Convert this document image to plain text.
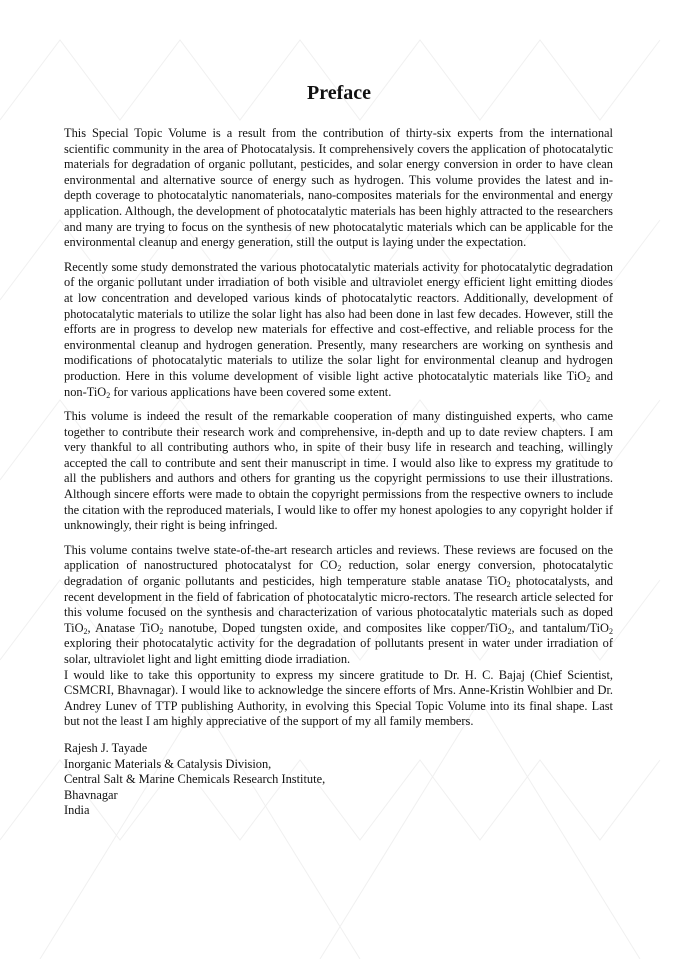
Preface

This Special Topic Volume is a result from the contribution of thirty-six experts from the international scientific community in the area of Photocatalysis. It comprehensively covers the application of photocatalytic materials for degradation of organic pollutant, pesticides, and solar energy conversion in order to have clean environmental and alternative source of energy such as hydrogen. This volume provides the latest and in-depth coverage to photocatalytic nanomaterials, nano-composites materials for the environmental and energy application. Although, the development of photocatalytic materials has been highly attracted to the researchers and many are trying to focus on the synthesis of new photocatalytic materials which can be applicable for the environmental cleanup and energy generation, still the output is laying under the expectation.

Recently some study demonstrated the various photocatalytic materials activity for photocatalytic degradation of the organic pollutant under irradiation of both visible and ultraviolet energy efficient light emitting diodes at low concentration and developed various kinds of photocatalytic reactors. Additionally, development of photocatalytic materials to utilize the solar light has also had been done in last few decades. However, still the efforts are in progress to develop new materials for effective and cost-effective, and reliable process for the environmental cleanup and hydrogen generation. Presently, many researchers are working on synthesis and modifications of photocatalytic materials to utilize the solar light for environmental cleanup and hydrogen production. Here in this volume development of visible light active photocatalytic materials like TiO$_2$ and non-TiO$_2$ for various applications have been covered some extent.

This volume is indeed the result of the remarkable cooperation of many distinguished experts, who came together to contribute their research work and comprehensive, in-depth and up to date review chapters. I am very thankful to all contributing authors who, in spite of their busy life in research and teaching, willingly accepted the call to contribute and sent their manuscript in time. I would also like to express my gratitude to all the publishers and authors and others for granting us the copyright permissions to use their illustrations. Although sincere efforts were made to obtain the copyright permissions from the respective owners to include the citation with the reproduced materials, I would like to offer my honest apologies to any copyright holder if unknowingly, their right is being infringed.

This volume contains twelve state-of-the-art research articles and reviews. These reviews are focused on the application of nanostructured photocatalyst for $CO_2$ reduction, solar energy conversion, photocatalytic degradation of organic pollutants and pesticides, high temperature stable anatase TiO$_2$ photocatalysts, and recent development in the field of fabrication of photocatalytic micro-rectors. The research article selected for this volume focused on the synthesis and characterization of various photocatalytic materials such as doped TiO$_2$, Anatase TiO$_2$ nanotube, Doped tungsten oxide, and composites like copper/TiO$_2$, and tantalum/TiO$_2$ exploring their photocatalytic activity for the degradation of pollutants present in water under irradiation of solar, ultraviolet light and light emitting diode irradiation.

I would like to take this opportunity to express my sincere gratitude to Dr. H. C. Bajaj (Chief Scientist, CSMCRI, Bhavnagar). I would like to acknowledge the sincere efforts of Mrs. Anne-Kristin Wohlbier and Dr. Andrey Lunev of TTP publishing Authority, in evolving this Special Topic Volume into its final shape. Last but not the least I am highly appreciative of the support of my all family members.

Rajesh J. Tayade
Inorganic Materials & Catalysis Division,
Central Salt & Marine Chemicals Research Institute,
Bhavnagar
India
